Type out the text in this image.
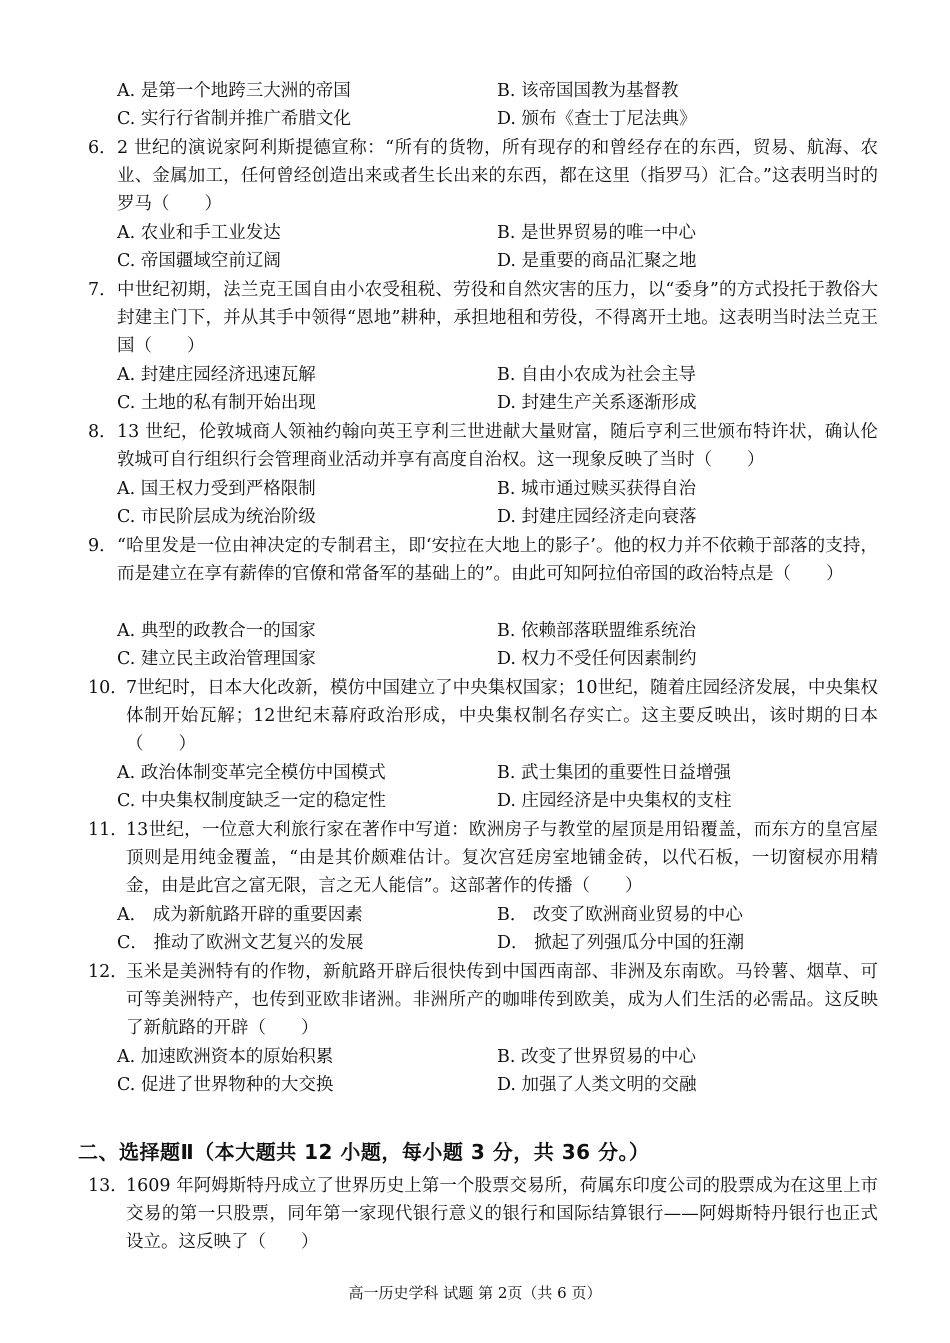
A. 是第一个地跨三大洲的帝国	B. 该帝国国教为基督教
C. 实行行省制并推广希腊文化	D. 颁布《查士丁尼法典》
6． 2 世纪的演说家阿利斯提德宣称：“所有的货物，所有现存的和曾经存在的东西，贸易、航海、农业、金属加工，任何曾经创造出来或者生长出来的东西，都在这里（指罗马）汇合。”这表明当时的罗马（　　）
A. 农业和手工业发达	B. 是世界贸易的唯一中心
C. 帝国疆域空前辽阔	D. 是重要的商品汇聚之地
7． 中世纪初期，法兰克王国自由小农受租税、劳役和自然灾害的压力，以“委身”的方式投托于教俗大封建主门下，并从其手中领得“恩地”耕种，承担地租和劳役，不得离开土地。这表明当时法兰克王国（　　）
A. 封建庄园经济迅速瓦解	B. 自由小农成为社会主导
C. 土地的私有制开始出现	D. 封建生产关系逐渐形成
8． 13 世纪，伦敦城商人领袖约翰向英王亨利三世进献大量财富，随后亨利三世颁布特许状，确认伦敦城可自行组织行会管理商业活动并享有高度自治权。这一现象反映了当时（　　）
A. 国王权力受到严格限制	B. 城市通过赎买获得自治
C. 市民阶层成为统治阶级	D. 封建庄园经济走向衰落
9． “哈里发是一位由神决定的专制君主，即‘安拉在大地上的影子’。他的权力并不依赖于部落的支持，而是建立在享有薪俸的官僚和常备军的基础上的”。由此可知阿拉伯帝国的政治特点是（　　）
A. 典型的政教合一的国家	B. 依赖部落联盟维系统治
C. 建立民主政治管理国家	D. 权力不受任何因素制约
10．
7世纪时，日本大化改新，模仿中国建立了中央集权国家；10世纪，随着庄园经济发展，中央集权体制开始瓦解；12世纪末幕府政治形成，中央集权制名存实亡。这主要反映出，该时期的日本（　　）
A. 政治体制变革完全模仿中国模式	B. 武士集团的重要性日益增强
C. 中央集权制度缺乏一定的稳定性	D. 庄园经济是中央集权的支柱
11．
13世纪，一位意大利旅行家在著作中写道：欧洲房子与教堂的屋顶是用铅覆盖，而东方的皇宫屋顶则是用纯金覆盖，“由是其价颇难估计。复次宫廷房室地铺金砖，以代石板，一切窗棂亦用精金，由是此宫之富无限，言之无人能信”。这部著作的传播（　　）
A． 成为新航路开辟的重要因素	B． 改变了欧洲商业贸易的中心
C． 推动了欧洲文艺复兴的发展	D． 掀起了列强瓜分中国的狂潮
12．
玉米是美洲特有的作物，新航路开辟后很快传到中国西南部、非洲及东南欧。马铃薯、烟草、可可等美洲特产，也传到亚欧非诸洲。非洲所产的咖啡传到欧美，成为人们生活的必需品。这反映了新航路的开辟（　　）
A. 加速欧洲资本的原始积累	B. 改变了世界贸易的中心
C. 促进了世界物种的大交换	D. 加强了人类文明的交融
二、选择题Ⅱ（本大题共 12 小题，每小题 3 分，共 36 分。）
13．
1609 年阿姆斯特丹成立了世界历史上第一个股票交易所，荷属东印度公司的股票成为在这里上市交易的第一只股票，同年第一家现代银行意义的银行和国际结算银行——阿姆斯特丹银行也正式设立。这反映了（　　）
高一历史学科 试题 第 2页（共 6 页）
